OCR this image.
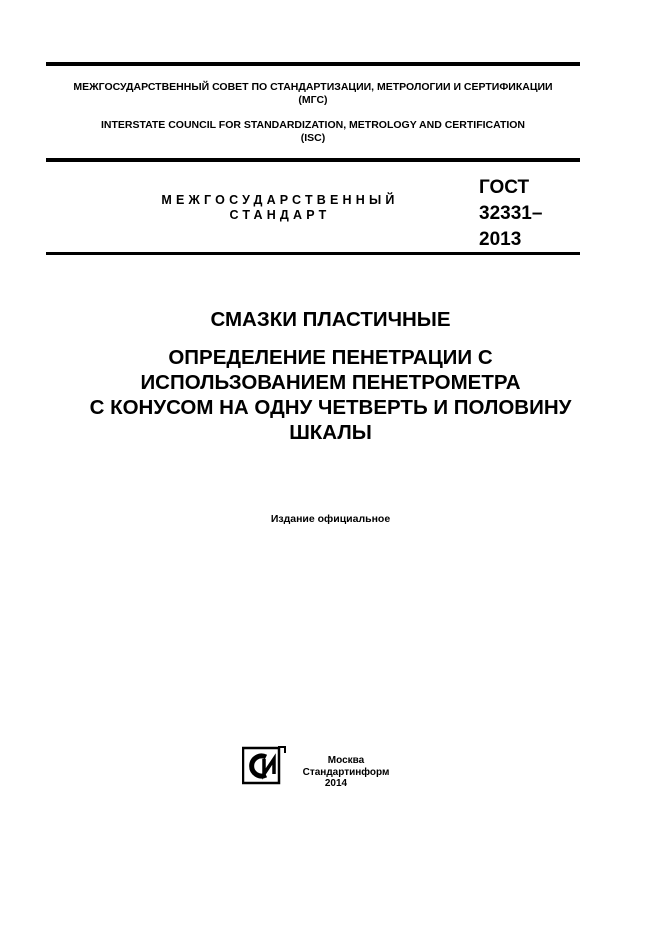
МЕЖГОСУДАРСТВЕННЫЙ СОВЕТ ПО СТАНДАРТИЗАЦИИ, МЕТРОЛОГИИ И СЕРТИФИКАЦИИ
(МГС)
INTERSTATE COUNCIL FOR STANDARDIZATION, METROLOGY AND CERTIFICATION
(ISC)
МЕЖГОСУДАРСТВЕННЫЙ
СТАНДАРТ
ГОСТ
32331–
2013
СМАЗКИ ПЛАСТИЧНЫЕ
ОПРЕДЕЛЕНИЕ ПЕНЕТРАЦИИ С
ИСПОЛЬЗОВАНИЕМ ПЕНЕТРОМЕТРА
С КОНУСОМ НА ОДНУ ЧЕТВЕРТЬ И ПОЛОВИНУ
ШКАЛЫ
Издание официальное
Москва
Стандартинформ
2014
